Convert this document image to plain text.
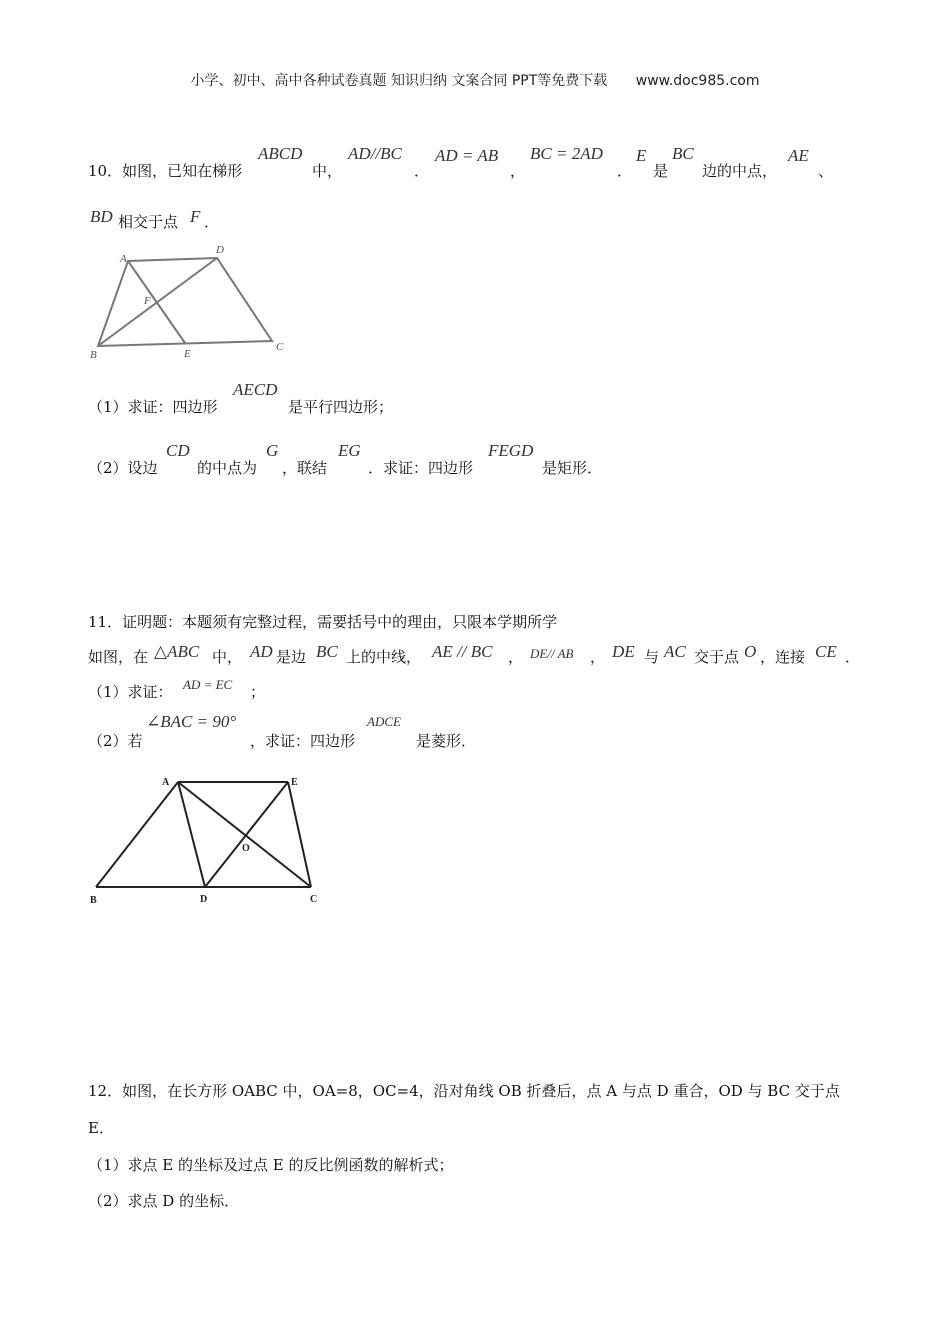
小学、初中、高中各种试卷真题 知识归纳 文案合同 PPT等免费下载 www.doc985.com
10．如图，已知在梯形
ABCD
中，
AD//BC
．
AD = AB
，
BC = 2AD
．
E
是
BC
边的中点，
AE
、
BD 相交于点 F ．
A
D
F
B	E
C
（1）求证：四边形
AECD
是平行四边形；
（2）设边
CD
的中点为
G
，联结
EG
．求证：四边形
FEGD
是矩形．
11．证明题：本题须有完整过程，需要括号中的理由，只限本学期所学
如图，在 △ABC 中， AD 是边 BC 上的中线， AE // BC ， DE// AB ， DE 与 AC 交于点 O ，连接 CE ．
（1）求证： AD = EC ；
（2）若
∠BAC = 90°
，求证：四边形
ADCE
是菱形．
A	E
O
B	D	C
12．如图，在长方形 OABC 中，OA=8，OC=4，沿对角线 OB 折叠后，点 A 与点 D 重合，OD 与 BC 交于点
E．
（1）求点 E 的坐标及过点 E 的反比例函数的解析式；
（2）求点 D 的坐标．
